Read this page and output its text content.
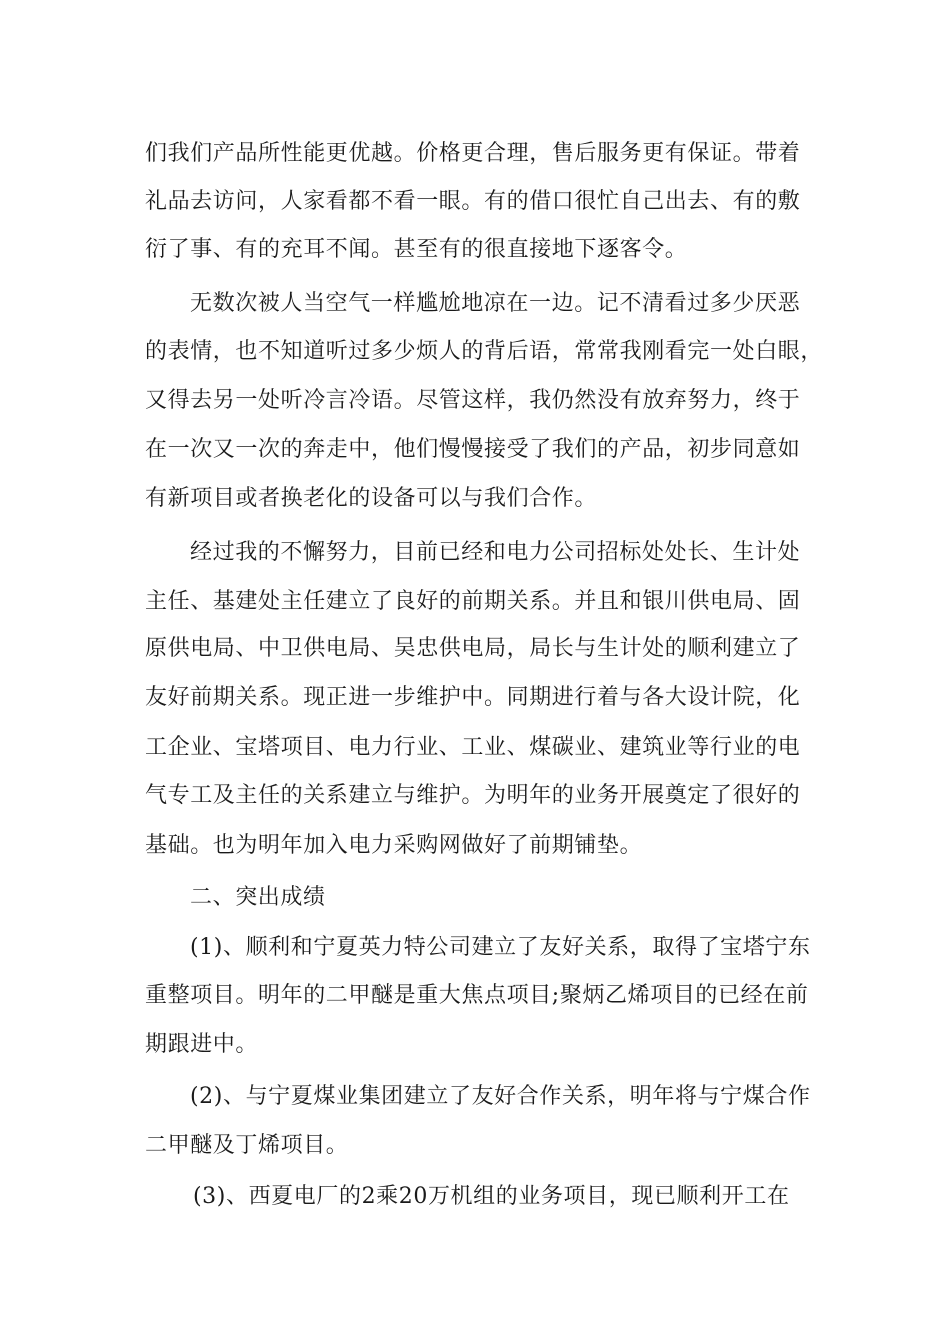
们我们产品所性能更优越。价格更合理，售后服务更有保证。带着
礼品去访问，人家看都不看一眼。有的借口很忙自己出去、有的敷
衍了事、有的充耳不闻。甚至有的很直接地下逐客令。
无数次被人当空气一样尴尬地凉在一边。记不清看过多少厌恶
的表情，也不知道听过多少烦人的背后语，常常我刚看完一处白眼，
又得去另一处听冷言冷语。尽管这样，我仍然没有放弃努力，终于
在一次又一次的奔走中，他们慢慢接受了我们的产品，初步同意如
有新项目或者换老化的设备可以与我们合作。
经过我的不懈努力，目前已经和电力公司招标处处长、生计处
主任、基建处主任建立了良好的前期关系。并且和银川供电局、固
原供电局、中卫供电局、吴忠供电局，局长与生计处的顺利建立了
友好前期关系。现正进一步维护中。同期进行着与各大设计院，化
工企业、宝塔项目、电力行业、工业、煤碳业、建筑业等行业的电
气专工及主任的关系建立与维护。为明年的业务开展奠定了很好的
基础。也为明年加入电力采购网做好了前期铺垫。
二、突出成绩
(1)、顺利和宁夏英力特公司建立了友好关系，取得了宝塔宁东
重整项目。明年的二甲醚是重大焦点项目;聚炳乙烯项目的已经在前
期跟进中。
(2)、与宁夏煤业集团建立了友好合作关系，明年将与宁煤合作
二甲醚及丁烯项目。
(3)、西夏电厂的2乘20万机组的业务项目，现已顺利开工在
